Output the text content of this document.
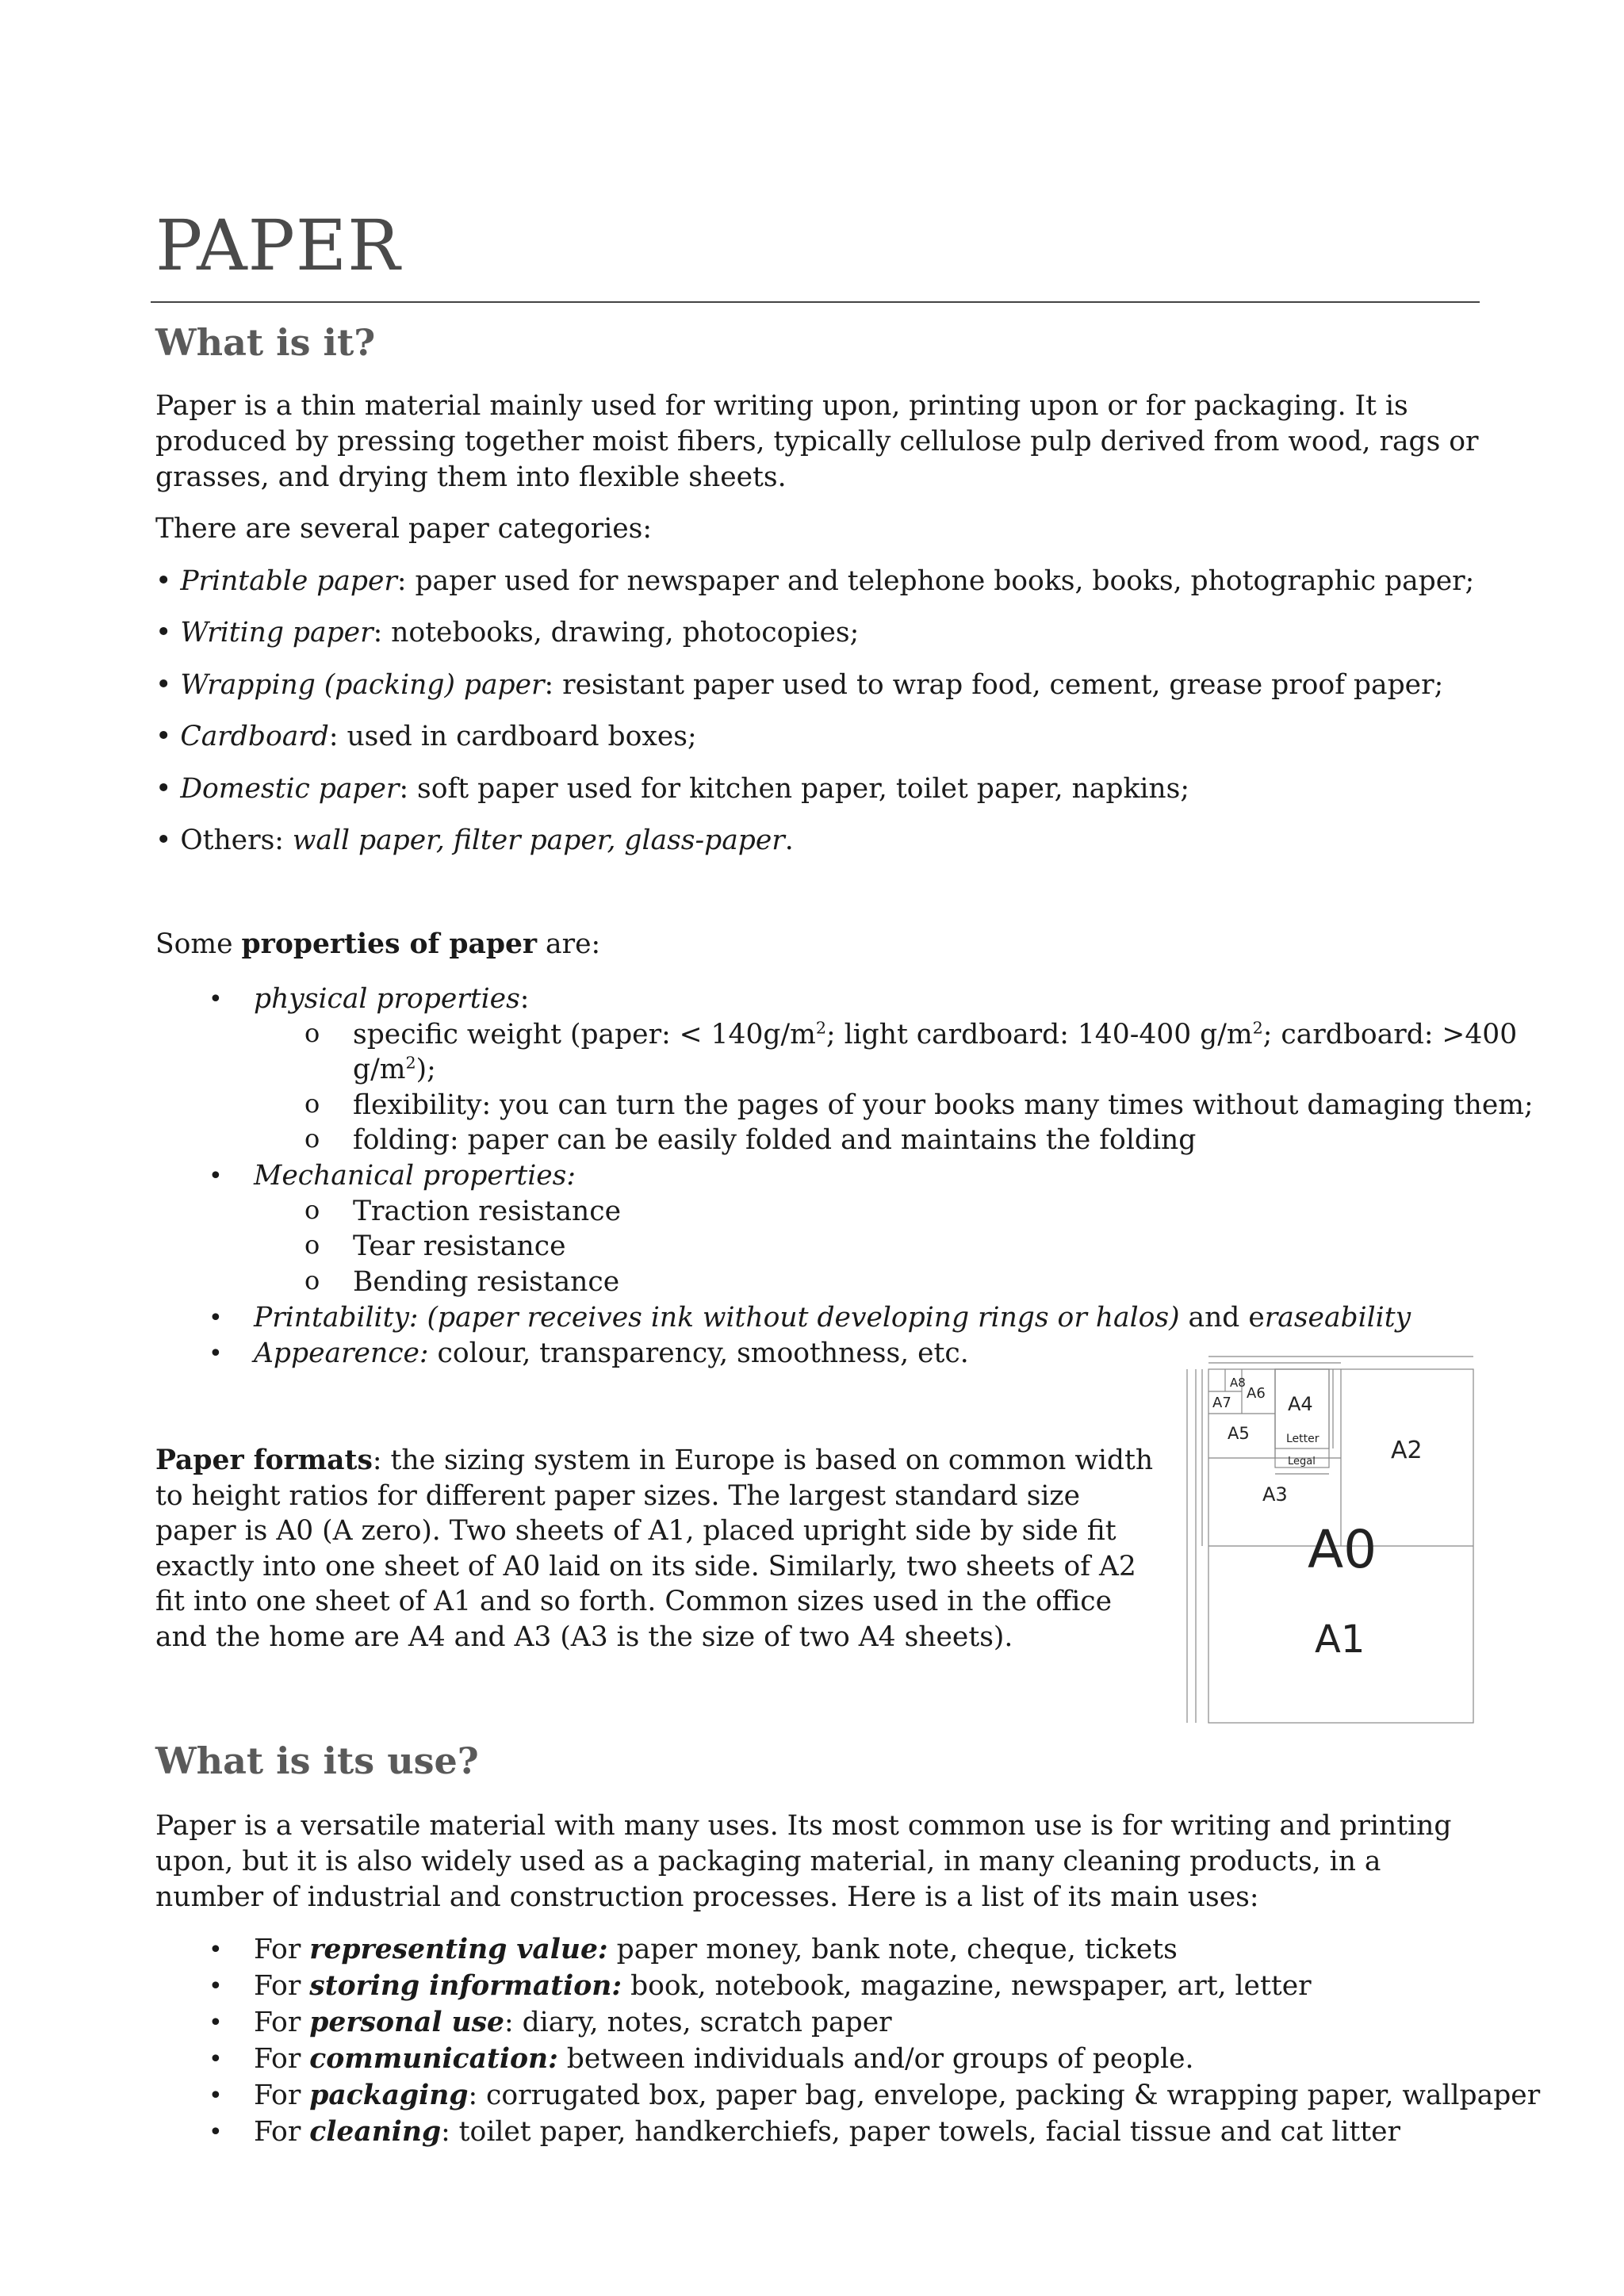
PAPER
What is it?

Paper is a thin material mainly used for writing upon, printing upon or for packaging. It is produced by pressing together moist fibers, typically cellulose pulp derived from wood, rags or grasses, and drying them into flexible sheets.

There are several paper categories:

• Printable paper: paper used for newspaper and telephone books, books, photographic paper;

• Writing paper: notebooks, drawing, photocopies;

• Wrapping (packing) paper: resistant paper used to wrap food, cement, grease proof paper;

• Cardboard: used in cardboard boxes;

• Domestic paper: soft paper used for kitchen paper, toilet paper, napkins;

• Others: wall paper, filter paper, glass-paper.

Some properties of paper are:

• physical properties:
o specific weight (paper: < $140g/m^2$; light cardboard: 140-400 $g/m^2$; cardboard: >400
$g/m^2$);
o flexibility: you can turn the pages of your books many times without damaging them;
o folding: paper can be easily folded and maintains the folding
• Mechanical properties:
o Traction resistance
o Tear resistance
o Bending resistance
• Printability: (paper receives ink without developing rings or halos) and eraseability
• Appearence: colour, transparency, smoothness, etc.

Paper formats: the sizing system in Europe is based on common width to height ratios for different paper sizes. The largest standard size paper is A0 (A zero). Two sheets of A1, placed upright side by side fit exactly into one sheet of A0 laid on its side. Similarly, two sheets of A2 fit into one sheet of A1 and so forth. Common sizes used in the office and the home are A4 and A3 (A3 is the size of two A4 sheets).

A8
A6
A7	A4
A5	Letter
Legal	A2
A3
A0
A1
What is its use?

Paper is a versatile material with many uses. Its most common use is for writing and printing upon, but it is also widely used as a packaging material, in many cleaning products, in a number of industrial and construction processes. Here is a list of its main uses:

• For representing value: paper money, bank note, cheque, tickets
• For storing information: book, notebook, magazine, newspaper, art, letter
• For personal use: diary, notes, scratch paper
• For communication: between individuals and/or groups of people.
• For packaging: corrugated box, paper bag, envelope, packing & wrapping paper, wallpaper
• For cleaning: toilet paper, handkerchiefs, paper towels, facial tissue and cat litter
